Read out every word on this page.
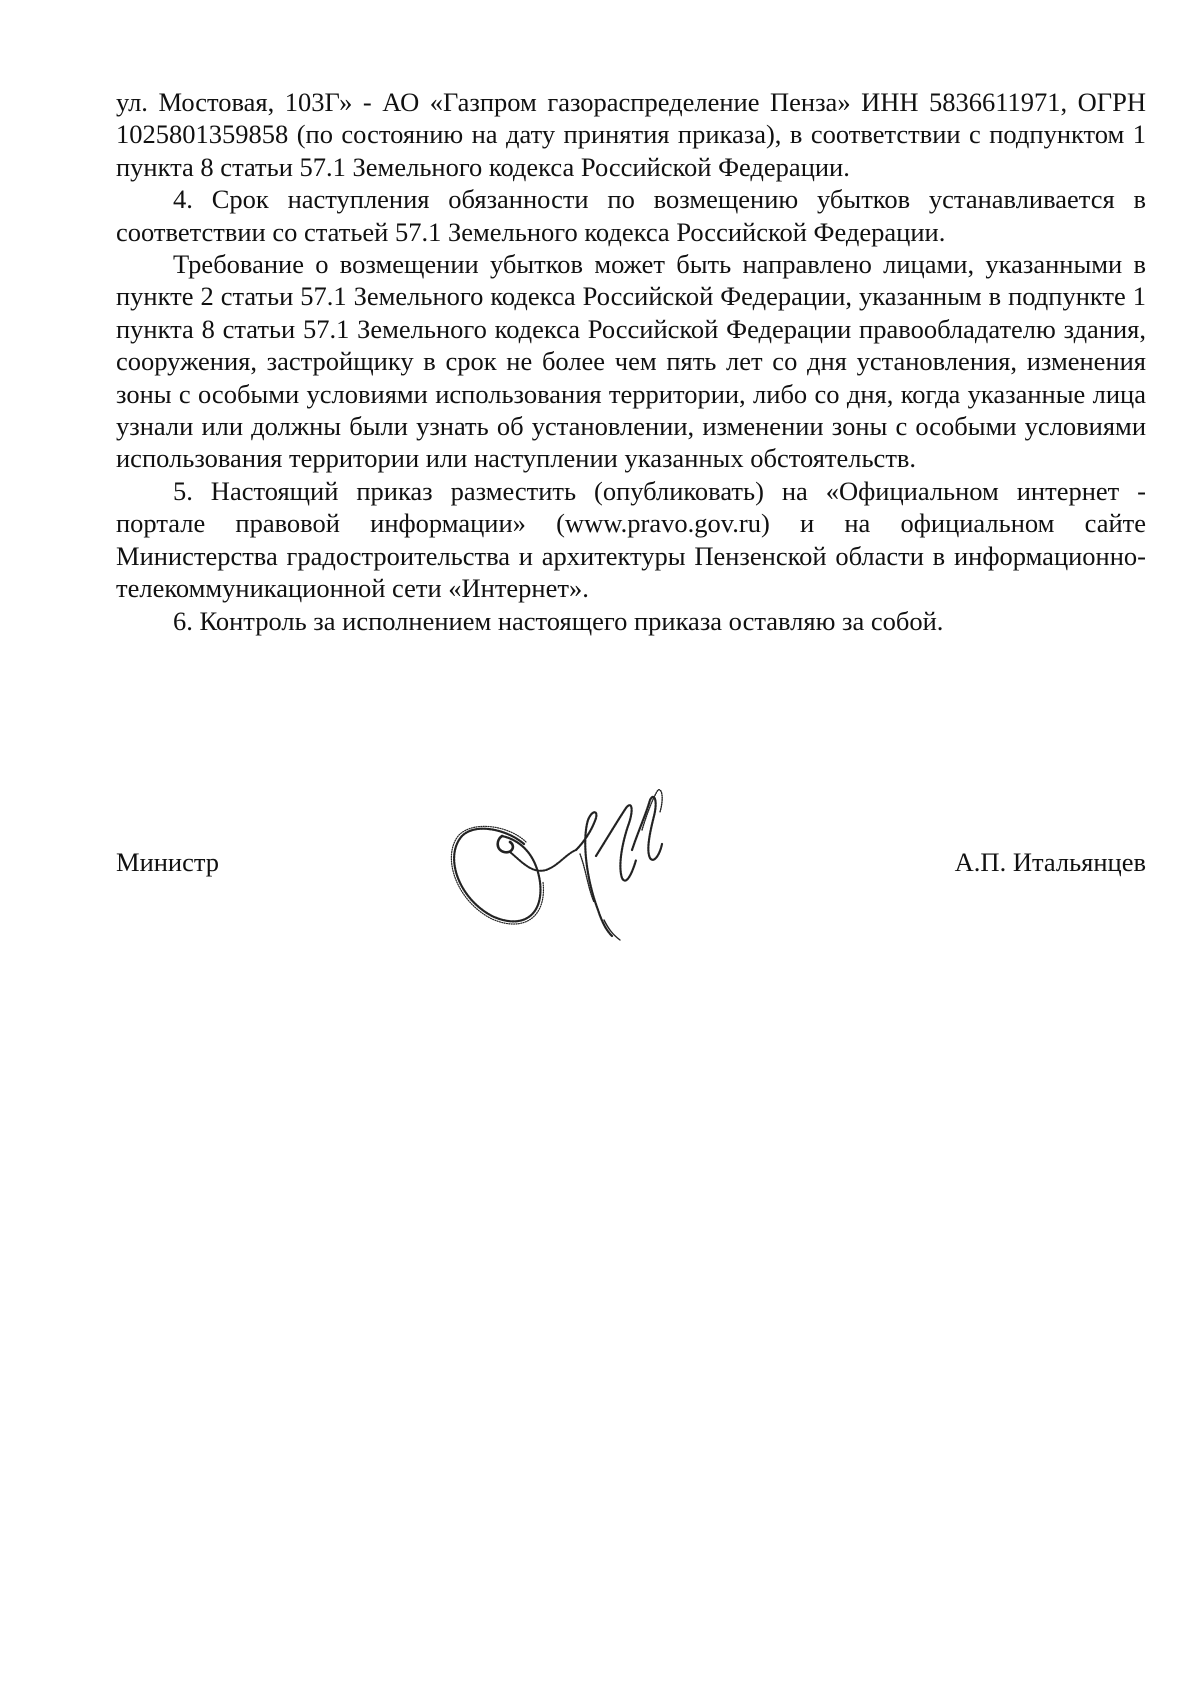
ул. Мостовая, 103Г» - АО «Газпром газораспределение Пенза» ИНН 5836611971, ОГРН 1025801359858 (по состоянию на дату принятия приказа), в соответствии с подпунктом 1 пункта 8 статьи 57.1 Земельного кодекса Российской Федерации.

4. Срок наступления обязанности по возмещению убытков устанавливается в соответствии со статьей 57.1 Земельного кодекса Российской Федерации.

Требование о возмещении убытков может быть направлено лицами, указанными в пункте 2 статьи 57.1 Земельного кодекса Российской Федерации, указанным в подпункте 1 пункта 8 статьи 57.1 Земельного кодекса Российской Федерации правообладателю здания, сооружения, застройщику в срок не более чем пять лет со дня установления, изменения зоны с особыми условиями использования территории, либо со дня, когда указанные лица узнали или должны были узнать об установлении, изменении зоны с особыми условиями использования территории или наступлении указанных обстоятельств.

5. Настоящий приказ разместить (опубликовать) на «Официальном интернет - портале правовой информации» (www.pravo.gov.ru) и на официальном сайте Министерства градостроительства и архитектуры Пензенской области в информационно-телекоммуникационной сети «Интернет».

6. Контроль за исполнением настоящего приказа оставляю за собой.

Министр	А.П. Итальянцев
